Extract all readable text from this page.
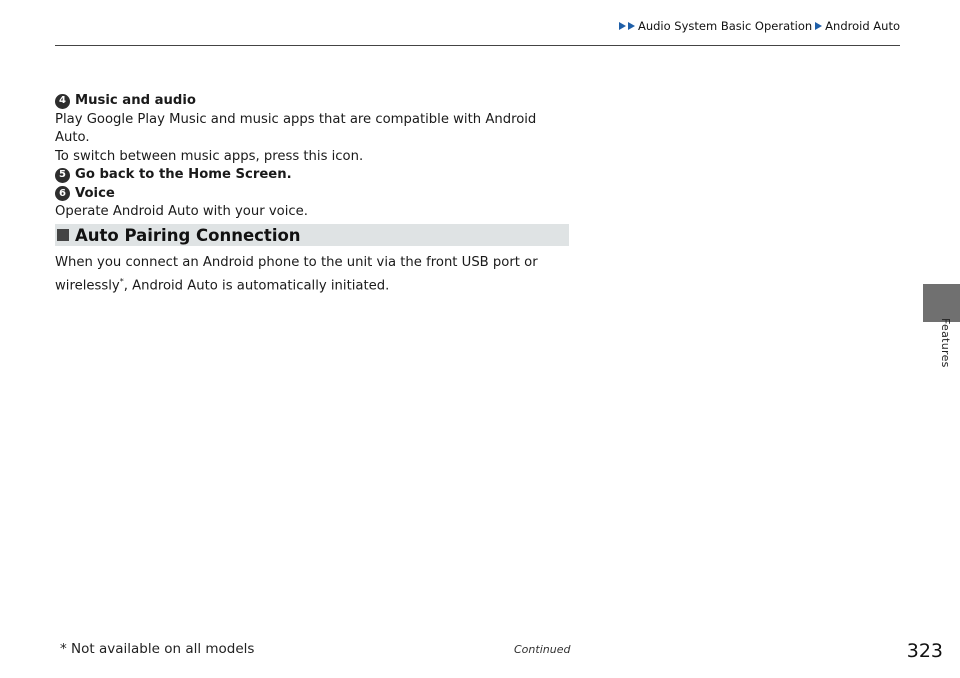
Audio System Basic Operation Android Auto
4 Music and audio

Play Google Play Music and music apps that are compatible with Android Auto.

To switch between music apps, press this icon.

5 Go back to the Home Screen.
6 Voice

Operate Android Auto with your voice.

Auto Pairing Connection
When you connect an Android phone to the unit via the front USB port or
wirelessly*, Android Auto is automatically initiated.
Features
* Not available on all models	Continued	323
